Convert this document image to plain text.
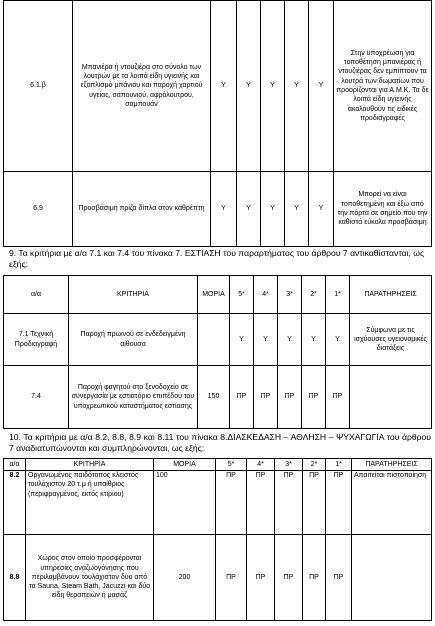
6.1.β	Μπανιέρα ή ντουζιέρα στο σύνολο των λουτρών με τα λοιπά είδη υγιεινής και εξοπλισμό μπάνιου και παροχή χαρτιού υγείας, σαπουνιού, αφρόλουτρου, σαμπουάν	Υ	Υ	Υ	Υ	Υ	Στην υποχρέωση για τοποθέτηση μπανιέρας ή ντουζιέρας δεν εμπίπτουν τα λουτρά των δωματίων που προορίζονται για Α.Μ.Κ. Τα δε λοιπά είδη υγιεινής ακολουθούν τις ειδικές προδιαγραφές
6.9	Προσβάσιμη πρίζα δίπλα στον καθρέπτη	Υ	Υ	Υ	Υ	Υ	Μπορεί να είναι τοποθετημένη και έξω από την πόρτα σε σημείο που την καθιστά εύκολα προσβάσιμη
9. Τα κριτήρια με α/α 7.1 και 7.4 του πίνακα 7. ΕΣΤΙΑΣΗ του παραρτήματος του άρθρου 7 αντικαθίστανται, ως εξής:
α/α	ΚΡΙΤΗΡΙΑ	ΜΟΡΙΑ	5*	4*	3*	2*	1*	ΠΑΡΑΤΗΡΗΣΕΙΣ
7.1 Τεχνική Προδιαγραφή	Παροχή πρωινού σε ενδεδειγμένη αίθουσα		Υ	Υ	Υ	Υ	Υ	Σύμφωνα με τις ισχύουσες υγειονομικές διατάξεις
7.4	Παροχή φαγητού στο ξενοδοχείο σε συνεργασία με εστιατόριο επιπέδου του υποχρεωτικού καταστήματος εστίασης	150	ΠΡ	ΠΡ	ΠΡ	ΠΡ	ΠΡ	
10. Τα κριτήρια με α/α 8.2, 8.8, 8.9 και 8.11 του πίνακα 8.ΔΙΑΣΚΕΔΑΣΗ – ΑΘΛΗΣΗ – ΨΥΧΑΓΩΓΙΑ του άρθρου 7 αναδιατυπώνονται και συμπληρώνονται, ως εξής:
α/α	ΚΡΙΤΗΡΙΑ	ΜΟΡΙΑ	5*	4*	3*	2*	1*	ΠΑΡΑΤΗΡΗΣΕΙΣ
8.2	Οργανωμένος παιδότοπος κλειστός τουλάχιστον 20 τ.μ ή υπαίθριος (περιφραγμένος, εκτός κτιρίου)	100	ΠΡ	ΠΡ	ΠΡ	ΠΡ	ΠΡ	Απαιτείται πιστοποίηση
8.8	Χώρος στον οποίο προσφέρονται υπηρεσίες αναζωογόνησης που περιλαμβάνουν τουλάχιστον δύο από τα Sauna, Steam Bath, Jacuzzi και δύο είδη θεραπειών ή μασάζ	200	ΠΡ	ΠΡ	ΠΡ	ΠΡ	ΠΡ	
